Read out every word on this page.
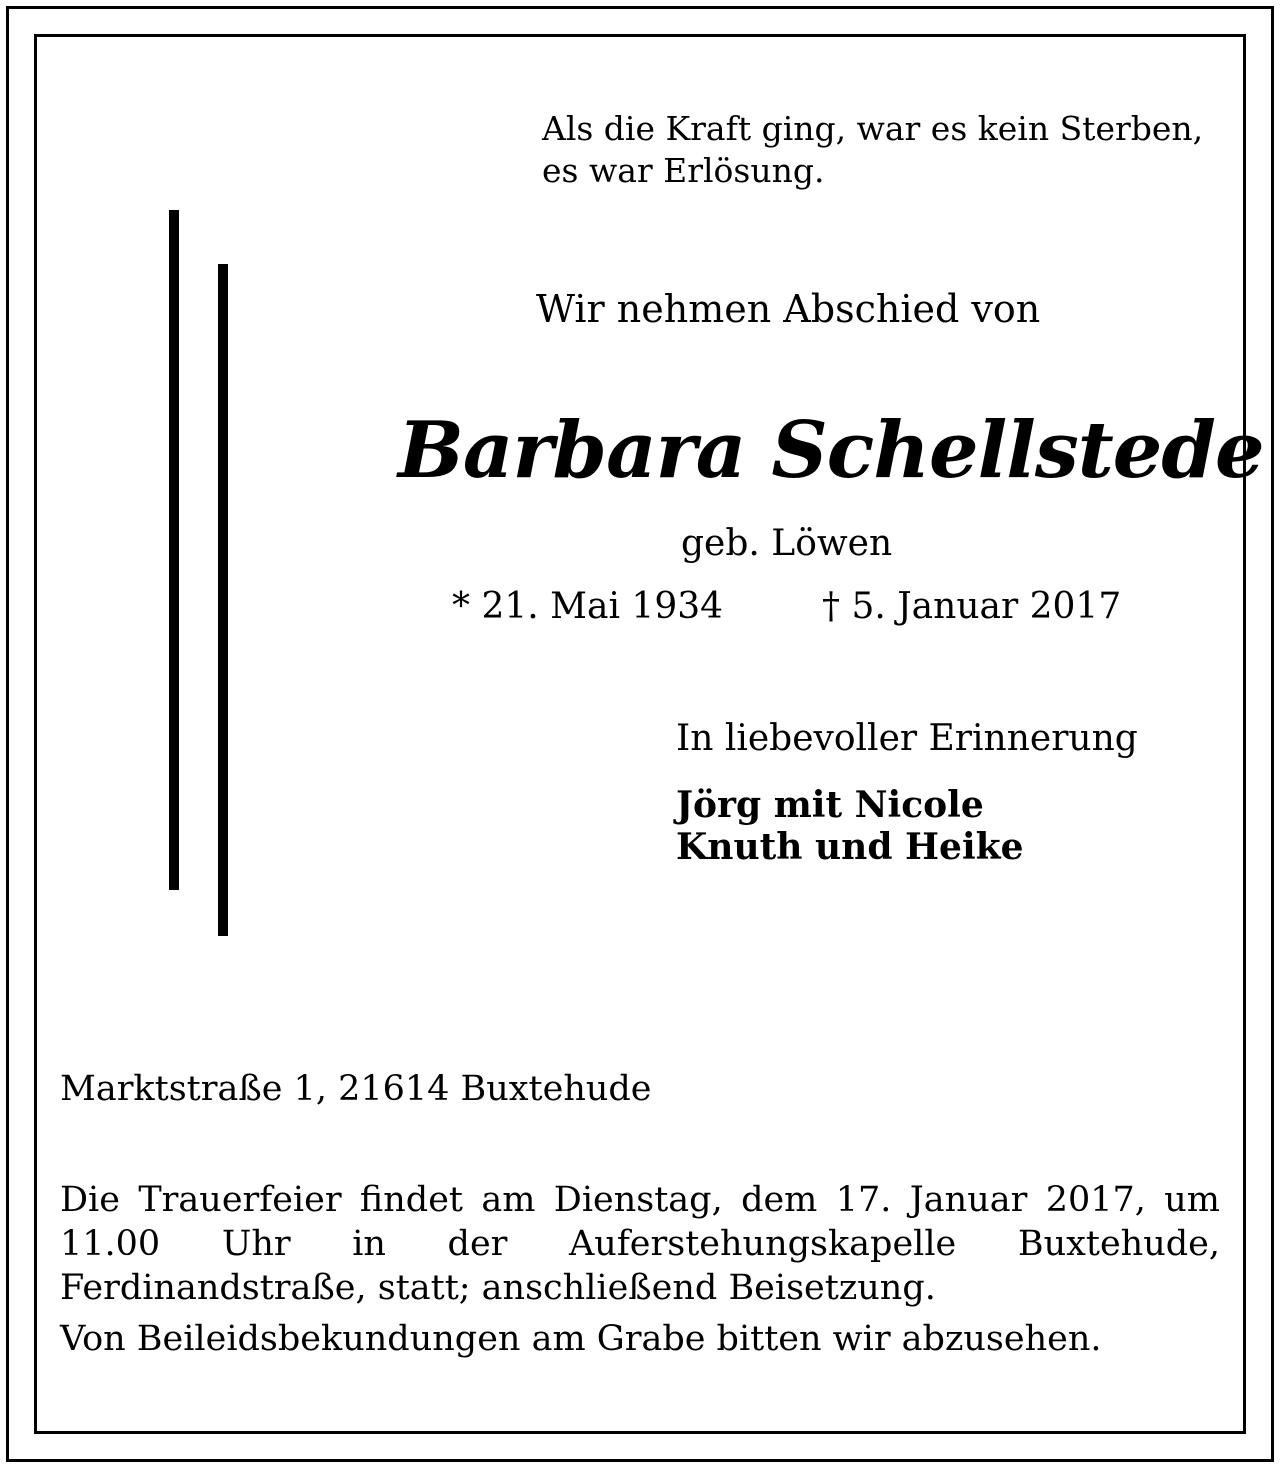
Als die Kraft ging, war es kein Sterben,
es war Erlösung.
Wir nehmen Abschied von
Barbara Schellstede
geb. Löwen
* 21. Mai 1934	† 5. Januar 2017
In liebevoller Erinnerung
Jörg mit Nicole
Knuth und Heike
Marktstraße 1, 21614 Buxtehude
Die Trauerfeier findet am Dienstag, dem 17. Januar 2017, um 11.00 Uhr in der Auferstehungskapelle Buxtehude, Ferdinandstraße, statt; anschließend Beisetzung.
Von Beileidsbekundungen am Grabe bitten wir abzusehen.
